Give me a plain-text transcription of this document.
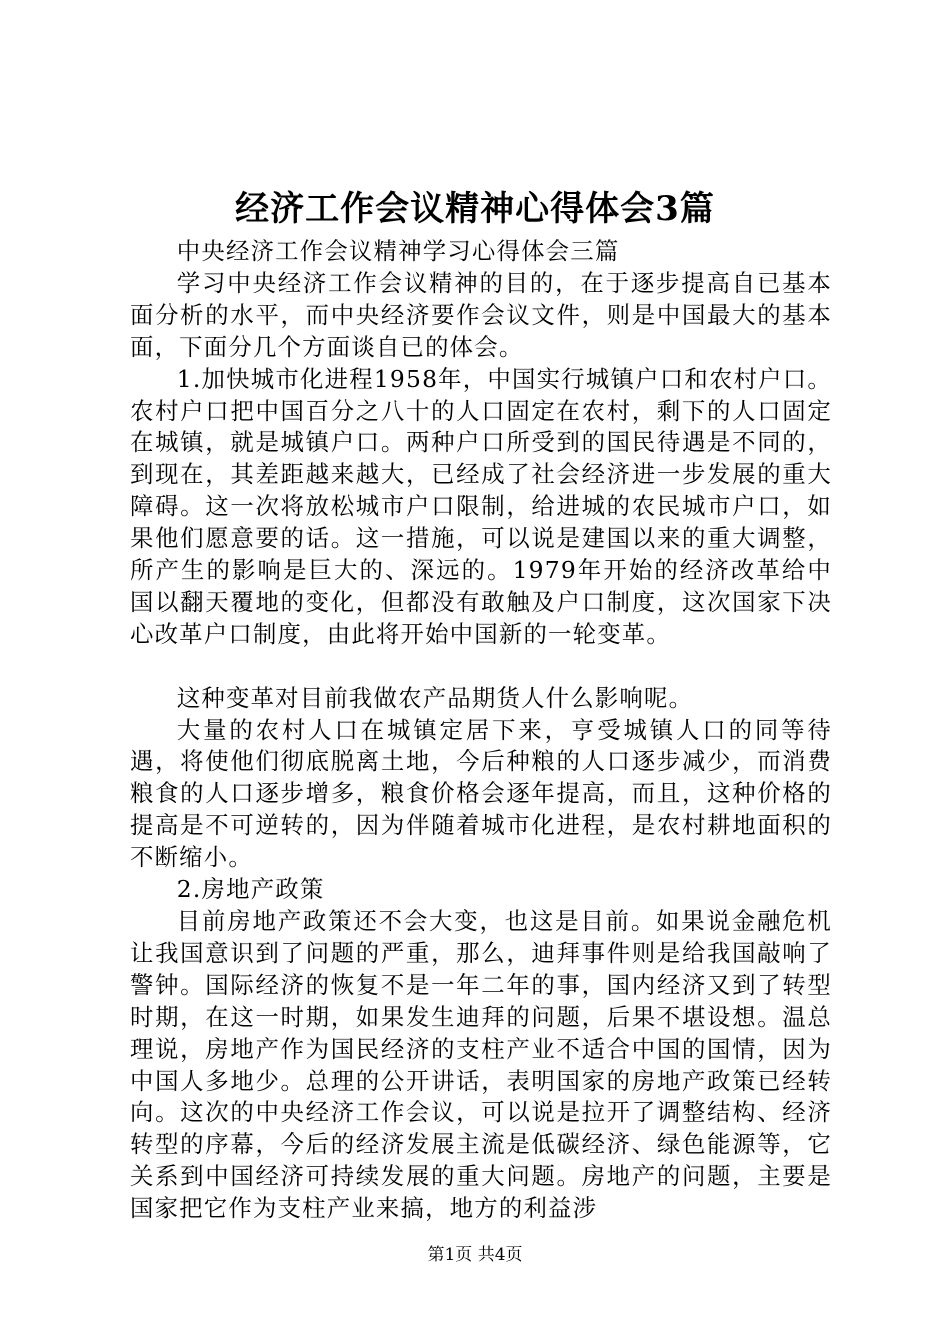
经济工作会议精神心得体会3篇

中央经济工作会议精神学习心得体会三篇

学习中央经济工作会议精神的目的，在于逐步提高自已基本面分析的水平，而中央经济要作会议文件，则是中国最大的基本面，下面分几个方面谈自已的体会。

1.加快城市化进程1958年，中国实行城镇户口和农村户口。农村户口把中国百分之八十的人口固定在农村，剩下的人口固定在城镇，就是城镇户口。两种户口所受到的国民待遇是不同的，到现在，其差距越来越大，已经成了社会经济进一步发展的重大障碍。这一次将放松城市户口限制，给进城的农民城市户口，如果他们愿意要的话。这一措施，可以说是建国以来的重大调整，所产生的影响是巨大的、深远的。1979年开始的经济改革给中国以翻天覆地的变化，但都没有敢触及户口制度，这次国家下决心改革户口制度，由此将开始中国新的一轮变革。

这种变革对目前我做农产品期货人什么影响呢。

大量的农村人口在城镇定居下来，亨受城镇人口的同等待遇，将使他们彻底脱离土地，今后种粮的人口逐步减少，而消费粮食的人口逐步增多，粮食价格会逐年提高，而且，这种价格的提高是不可逆转的，因为伴随着城市化进程，是农村耕地面积的不断缩小。

2.房地产政策

目前房地产政策还不会大变，也这是目前。如果说金融危机让我国意识到了问题的严重，那么，迪拜事件则是给我国敲响了警钟。国际经济的恢复不是一年二年的事，国内经济又到了转型时期，在这一时期，如果发生迪拜的问题，后果不堪设想。温总理说，房地产作为国民经济的支柱产业不适合中国的国情，因为中国人多地少。总理的公开讲话，表明国家的房地产政策已经转向。这次的中央经济工作会议，可以说是拉开了调整结构、经济转型的序幕，今后的经济发展主流是低碳经济、绿色能源等，它关系到中国经济可持续发展的重大问题。房地产的问题，主要是国家把它作为支柱产业来搞，地方的利益涉

第1页 共4页
